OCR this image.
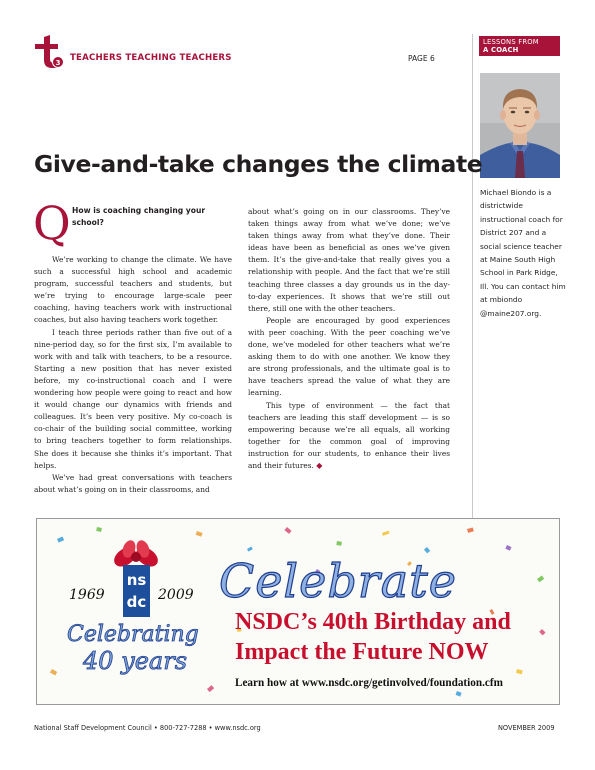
3 TEACHERS TEACHING TEACHERS	PAGE 6
LESSONS FROM
A COACH
Michael Biondo is a districtwide instructional coach for District 207 and a social science teacher at Maine South High School in Park Ridge, Ill. You can contact him at mbiondo @maine207.org.
Give-and-take changes the climate
Q How is coaching changing your school?

We’re working to change the climate. We have such a successful high school and academic program, successful teachers and students, but we’re trying to encourage large-scale peer coaching, having teachers work with instructional coaches, but also having teachers work together.

I teach three periods rather than five out of a nine-period day, so for the first six, I’m available to work with and talk with teachers, to be a resource. Starting a new position that has never existed before, my co-instructional coach and I were wondering how people were going to react and how it would change our dynamics with friends and colleagues. It’s been very positive. My co-coach is co-chair of the building social committee, working to bring teachers together to form relationships. She does it because she thinks it’s important. That helps.

We’ve had great conversations with teachers about what’s going on in their classrooms, and

about what’s going on in our classrooms. They’ve taken things away from what we’ve done; we’ve taken things away from what they’ve done. Their ideas have been as beneficial as ones we’ve given them. It’s the give-and-take that really gives you a relationship with people. And the fact that we’re still teaching three classes a day grounds us in the day-to-day experiences. It shows that we’re still out there, still one with the other teachers.

People are encouraged by good experiences with peer coaching. With the peer coaching we’ve done, we’ve modeled for other teachers what we’re asking them to do with one another. We know they are strong professionals, and the ultimate goal is to have teachers spread the value of what they are learning.

This type of environment — the fact that teachers are leading this staff development — is so empowering because we’re all equals, all working together for the common goal of improving instruction for our students, to enhance their lives and their futures. ◆

ns
dc
1969	2009
Celebrating
40 years
Celebrate
NSDC’s 40th Birthday and
Impact the Future NOW
Learn how at www.nsdc.org/getinvolved/foundation.cfm
National Staff Development Council • 800-727-7288 • www.nsdc.org	NOVEMBER 2009
